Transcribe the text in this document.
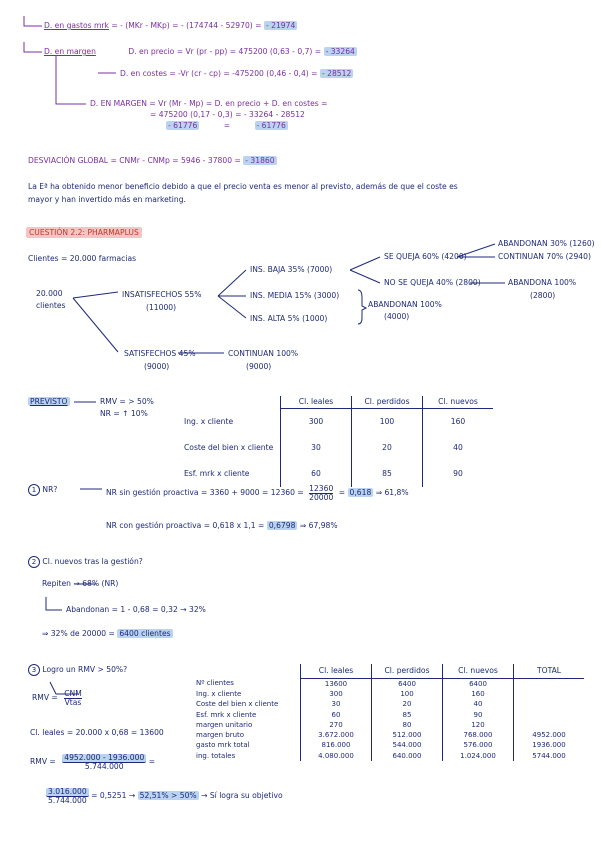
D. en gastos mrk = - (MKr - MKp) = - (174744 - 52970) = - 21974
D. en margen	D. en precio = Vr (pr - pp) = 475200 (0,63 - 0,7) = - 33264
D. en costes = -Vr (cr - cp) = -475200 (0,46 - 0,4) = - 28512
D. EN MARGEN = Vr (Mr - Mp) = D. en precio + D. en costes =
= 475200 (0,17 - 0,3) = - 33264 - 28512
- 61776	=	- 61776
DESVIACIÓN GLOBAL = CNMr - CNMp = 5946 - 37800 = - 31860
La Eª ha obtenido menor beneficio debido a que el precio venta es menor al previsto, además de que el coste es
mayor y han invertido más en marketing.
CUESTIÓN 2.2: PHARMAPLUS
Clientes = 20.000 farmacias
20.000
clientes
INSATISFECHOS 55%
(11000)
SATISFECHOS 45%
(9000)
CONTINUAN 100%
(9000)
INS. BAJA 35% (7000)
INS. MEDIA 15% (3000)
INS. ALTA 5% (1000)
SE QUEJA 60% (4200)
NO SE QUEJA 40% (2800)
ABANDONAN 30% (1260)
CONTINUAN 70% (2940)
ABANDONA 100%
(2800)
ABANDONAN 100%
(4000)
PREVISTO	RMV = > 50%
NR = ↑ 10%
	Cl. leales	Cl. perdidos	Cl. nuevos
Ing. x cliente	300	100	160
Coste del bien x cliente	30	20	40
Esf. mrk x cliente	60	85	90
1 NR?	NR sin gestión proactiva = $3360 + 9000 = 12360 = \frac{12360}{20000} = 0,618$ ⇒ 61,8%
NR con gestión proactiva = 0,618 x 1,1 = 0,6798 ⇒ 67,98%
2 Cl. nuevos tras la gestión?
Repiten → 68% (NR)
Abandonan = 1 - 0,68 = 0,32 → 32%
⇒ 32% de 20000 = 6400 clientes
3 Logro un RMV > 50%?
RMV = CNM
Vtas
Cl. leales = 20.000 x 0,68 = 13600
RMV = $\frac{4952.000 - 1936.000}{5.744.000}$ =
$\frac{3.016.000}{5.744.000} = 0,5251 \to 52,51\% > 50\%$ → Sí logra su objetivo
	Cl. leales	Cl. perdidos	Cl. nuevos	TOTAL
Nº clientes	13600	6400	6400	
Ing. x cliente	300	100	160	
Coste del bien x cliente	30	20	40	
Esf. mrk x cliente	60	85	90	
margen unitario	270	80	120	
margen bruto	3.672.000	512.000	768.000	4952.000
gasto mrk total	816.000	544.000	576.000	1936.000
ing. totales	4.080.000	640.000	1.024.000	5744.000
